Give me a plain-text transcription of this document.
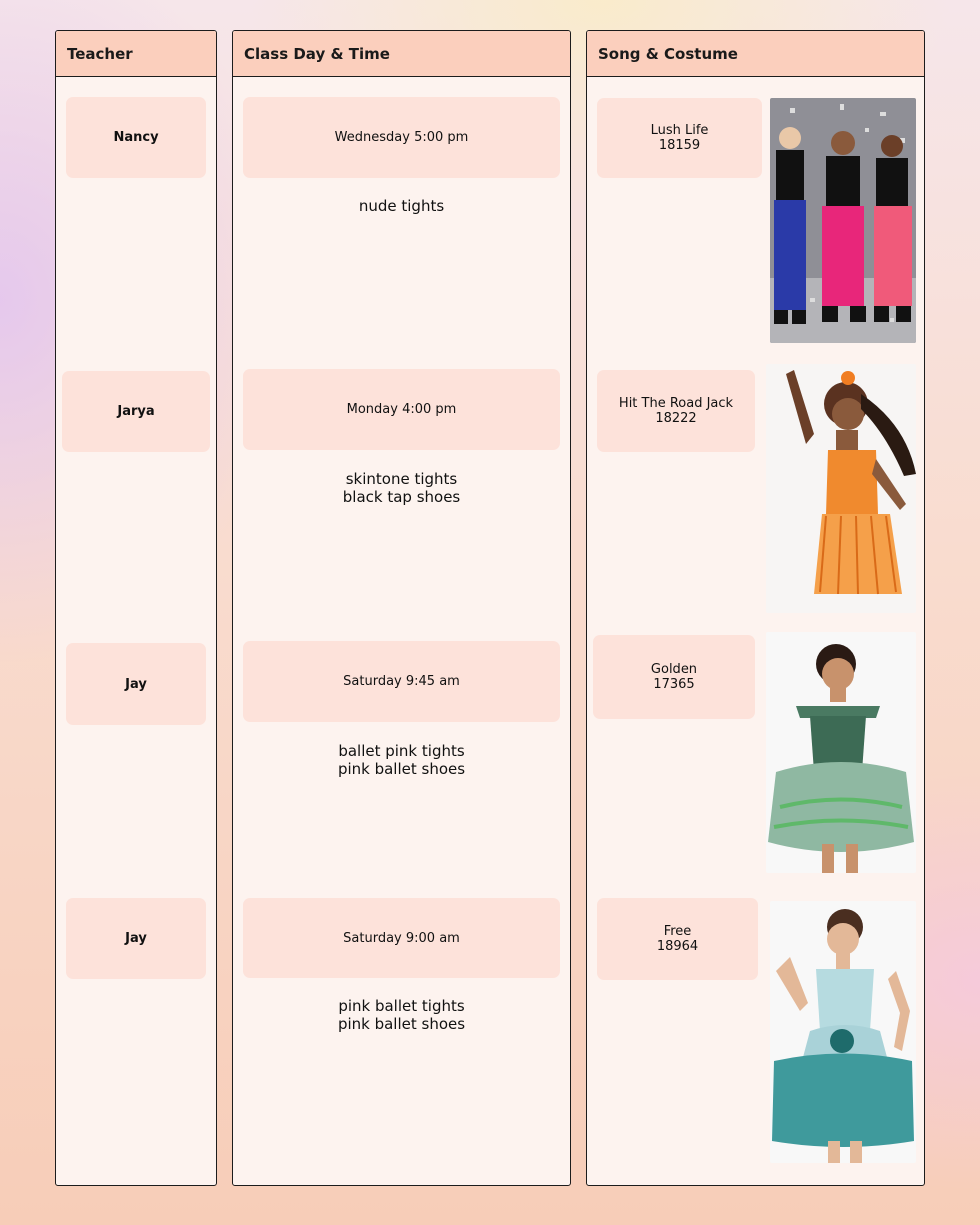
Teacher
Nancy
Jarya
Jay
Jay
Class Day & Time
Wednesday 5:00 pm
nude tights
Monday 4:00 pm
skintone tights
black tap shoes
Saturday 9:45 am
ballet pink tights
pink ballet shoes
Saturday 9:00 am
pink ballet tights
pink ballet shoes
Song & Costume
Lush Life
18159
Hit The Road Jack
18222
Golden
17365
Free
18964
